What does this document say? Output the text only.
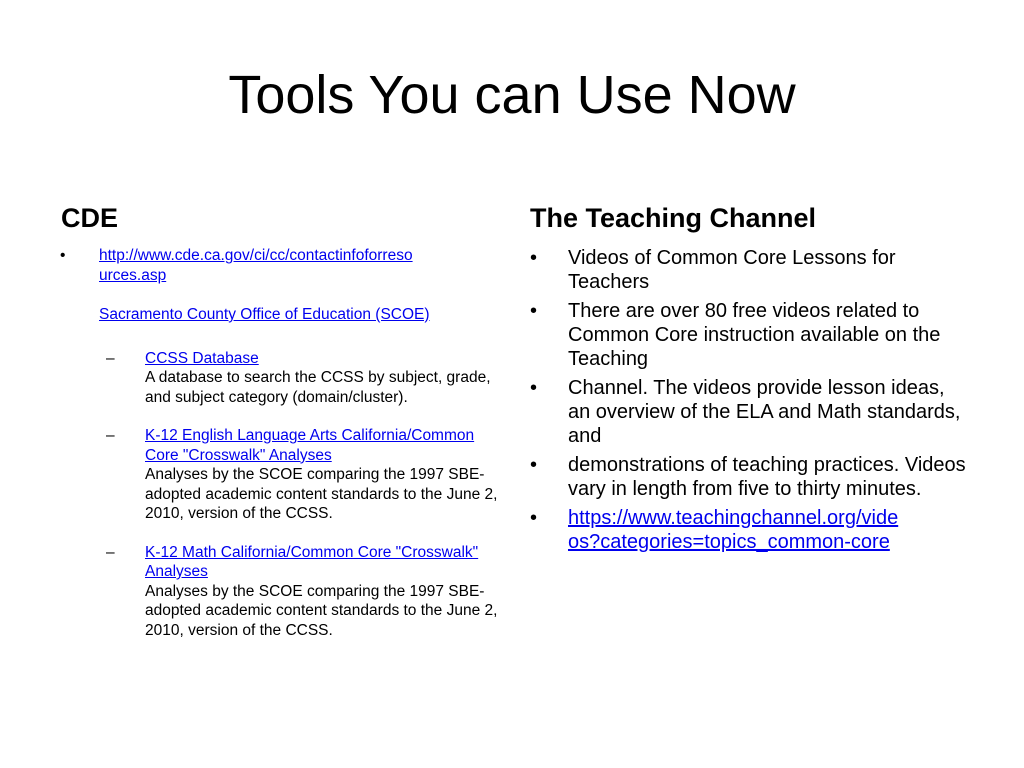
Tools You can Use Now
CDE	The Teaching Channel
•	http://www.cde.ca.gov/ci/cc/contactinfoforreso
urces.asp
Sacramento County Office of Education (SCOE)
– CCSS Database
A database to search the CCSS by subject, grade, and subject category (domain/cluster).
– K-12 English Language Arts California/Common Core "Crosswalk" Analyses
Analyses by the SCOE comparing the 1997 SBE-adopted academic content standards to the June 2, 2010, version of the CCSS.
– K-12 Math California/Common Core "Crosswalk" Analyses
Analyses by the SCOE comparing the 1997 SBE-adopted academic content standards to the June 2, 2010, version of the CCSS.
•	Videos of Common Core Lessons for Teachers
•	There are over 80 free videos related to Common Core instruction available on the Teaching
•	Channel. The videos provide lesson ideas, an overview of the ELA and Math standards, and
•	demonstrations of teaching practices. Videos vary in length from five to thirty minutes.
•	https://www.teachingchannel.org/vide
os?categories=topics_common-core
